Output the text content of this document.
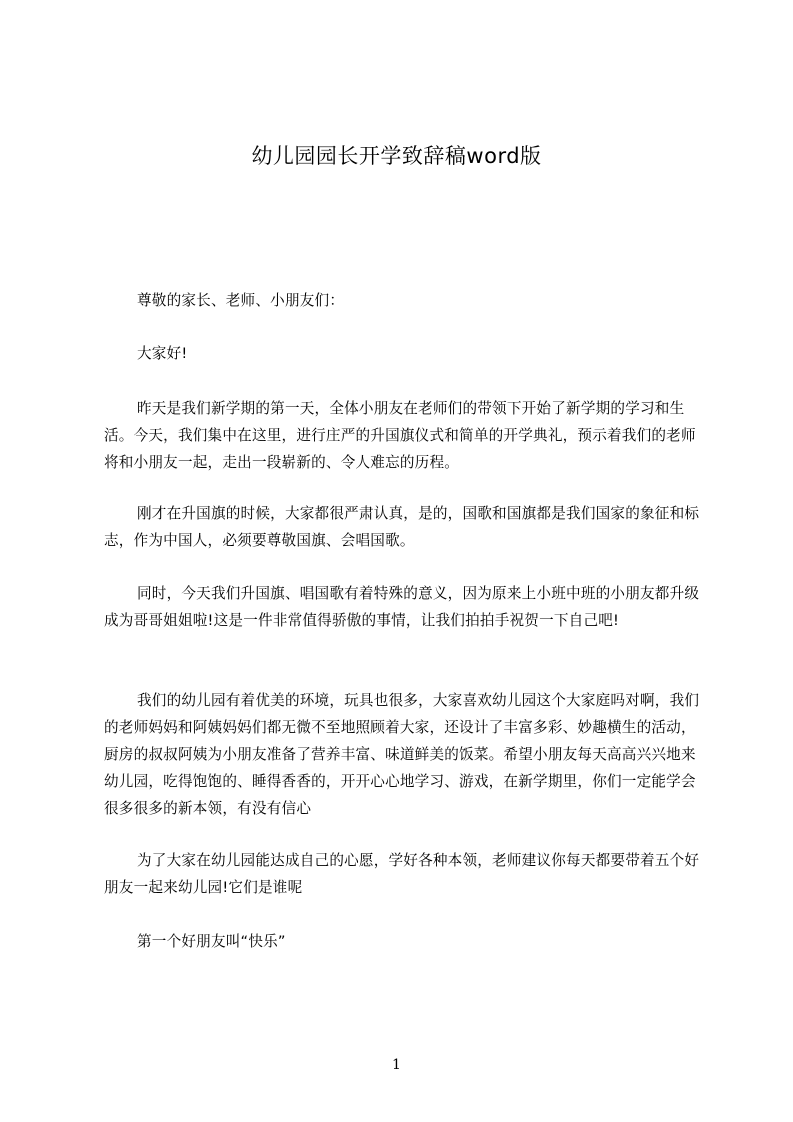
幼儿园园长开学致辞稿word版

尊敬的家长、老师、小朋友们：

大家好!

昨天是我们新学期的第一天，全体小朋友在老师们的带领下开始了新学期的学习和生活。今天，我们集中在这里，进行庄严的升国旗仪式和简单的开学典礼，预示着我们的老师将和小朋友一起，走出一段崭新的、令人难忘的历程。

刚才在升国旗的时候，大家都很严肃认真，是的，国歌和国旗都是我们国家的象征和标志，作为中国人，必须要尊敬国旗、会唱国歌。

同时，今天我们升国旗、唱国歌有着特殊的意义，因为原来上小班中班的小朋友都升级成为哥哥姐姐啦!这是一件非常值得骄傲的事情，让我们拍拍手祝贺一下自己吧!

我们的幼儿园有着优美的环境，玩具也很多，大家喜欢幼儿园这个大家庭吗对啊，我们的老师妈妈和阿姨妈妈们都无微不至地照顾着大家，还设计了丰富多彩、妙趣横生的活动，厨房的叔叔阿姨为小朋友准备了营养丰富、味道鲜美的饭菜。希望小朋友每天高高兴兴地来幼儿园，吃得饱饱的、睡得香香的，开开心心地学习、游戏，在新学期里，你们一定能学会很多很多的新本领，有没有信心

为了大家在幼儿园能达成自己的心愿，学好各种本领，老师建议你每天都要带着五个好朋友一起来幼儿园!它们是谁呢

第一个好朋友叫“快乐”

1
